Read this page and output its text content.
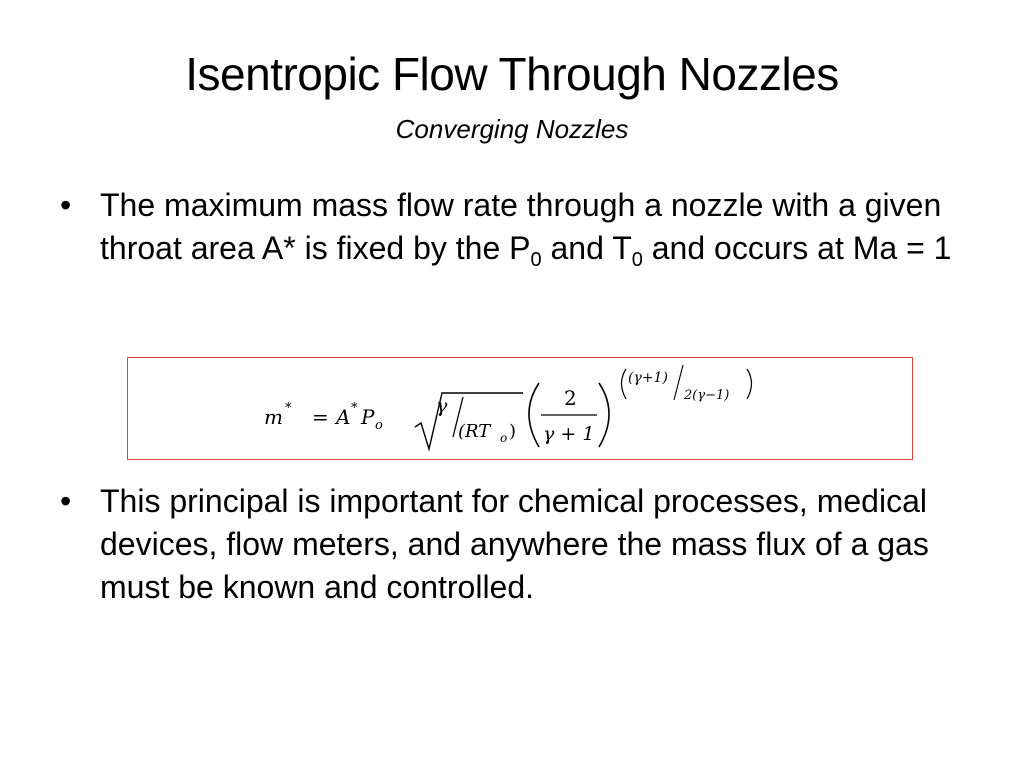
Isentropic Flow Through Nozzles
Converging Nozzles
• The maximum mass flow rate through a nozzle with a given throat area A* is fixed by the $P_0$ and $T_0$ and occurs at Ma = 1
m * = A * P o
γ
(RT o )
2
γ + 1
(γ+1)
2(γ−1)
• This principal is important for chemical processes, medical devices, flow meters, and anywhere the mass flux of a gas must be known and controlled.
